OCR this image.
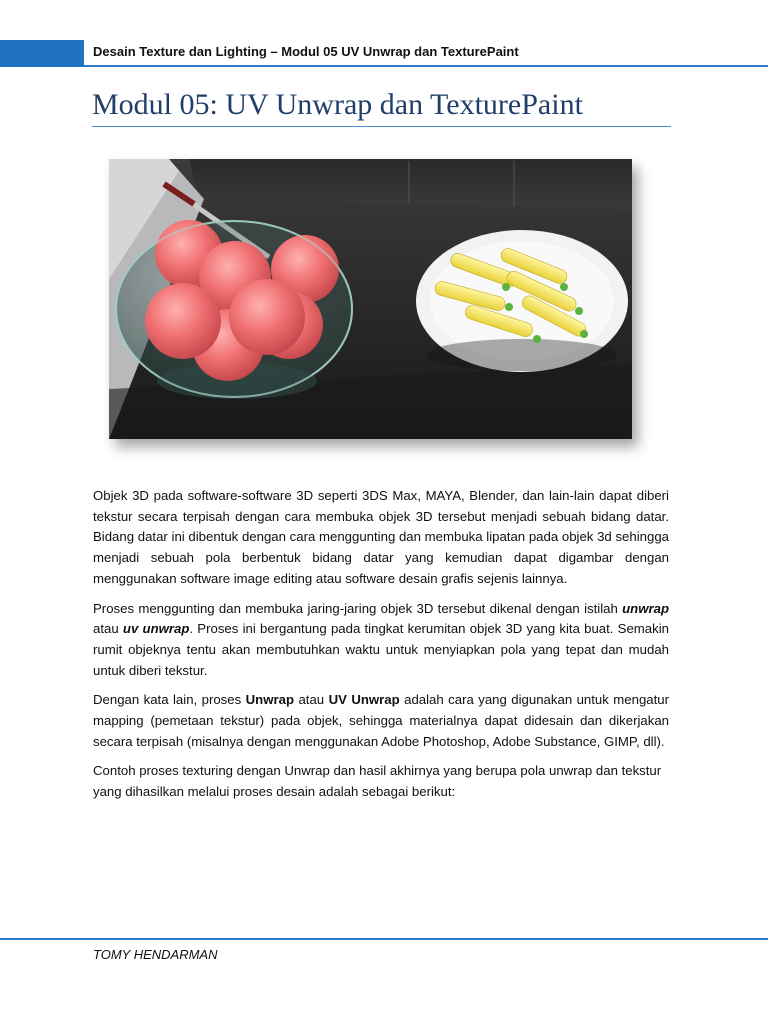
Desain Texture dan Lighting – Modul 05 UV Unwrap dan TexturePaint
Modul 05: UV Unwrap dan TexturePaint

Objek 3D pada software-software 3D seperti 3DS Max, MAYA, Blender, dan lain-lain dapat diberi tekstur secara terpisah dengan cara membuka objek 3D tersebut menjadi sebuah bidang datar. Bidang datar ini dibentuk dengan cara menggunting dan membuka lipatan pada objek 3d sehingga menjadi sebuah pola berbentuk bidang datar yang kemudian dapat digambar dengan menggunakan software image editing atau software desain grafis sejenis lainnya.

Proses menggunting dan membuka jaring-jaring objek 3D tersebut dikenal dengan istilah unwrap atau uv unwrap. Proses ini bergantung pada tingkat kerumitan objek 3D yang kita buat. Semakin rumit objeknya tentu akan membutuhkan waktu untuk menyiapkan pola yang tepat dan mudah untuk diberi tekstur.

Dengan kata lain, proses Unwrap atau UV Unwrap adalah cara yang digunakan untuk mengatur mapping (pemetaan tekstur) pada objek, sehingga materialnya dapat didesain dan dikerjakan secara terpisah (misalnya dengan menggunakan Adobe Photoshop, Adobe Substance, GIMP, dll).

Contoh proses texturing dengan Unwrap dan hasil akhirnya yang berupa pola unwrap dan tekstur yang dihasilkan melalui proses desain adalah sebagai berikut:

TOMY HENDARMAN
